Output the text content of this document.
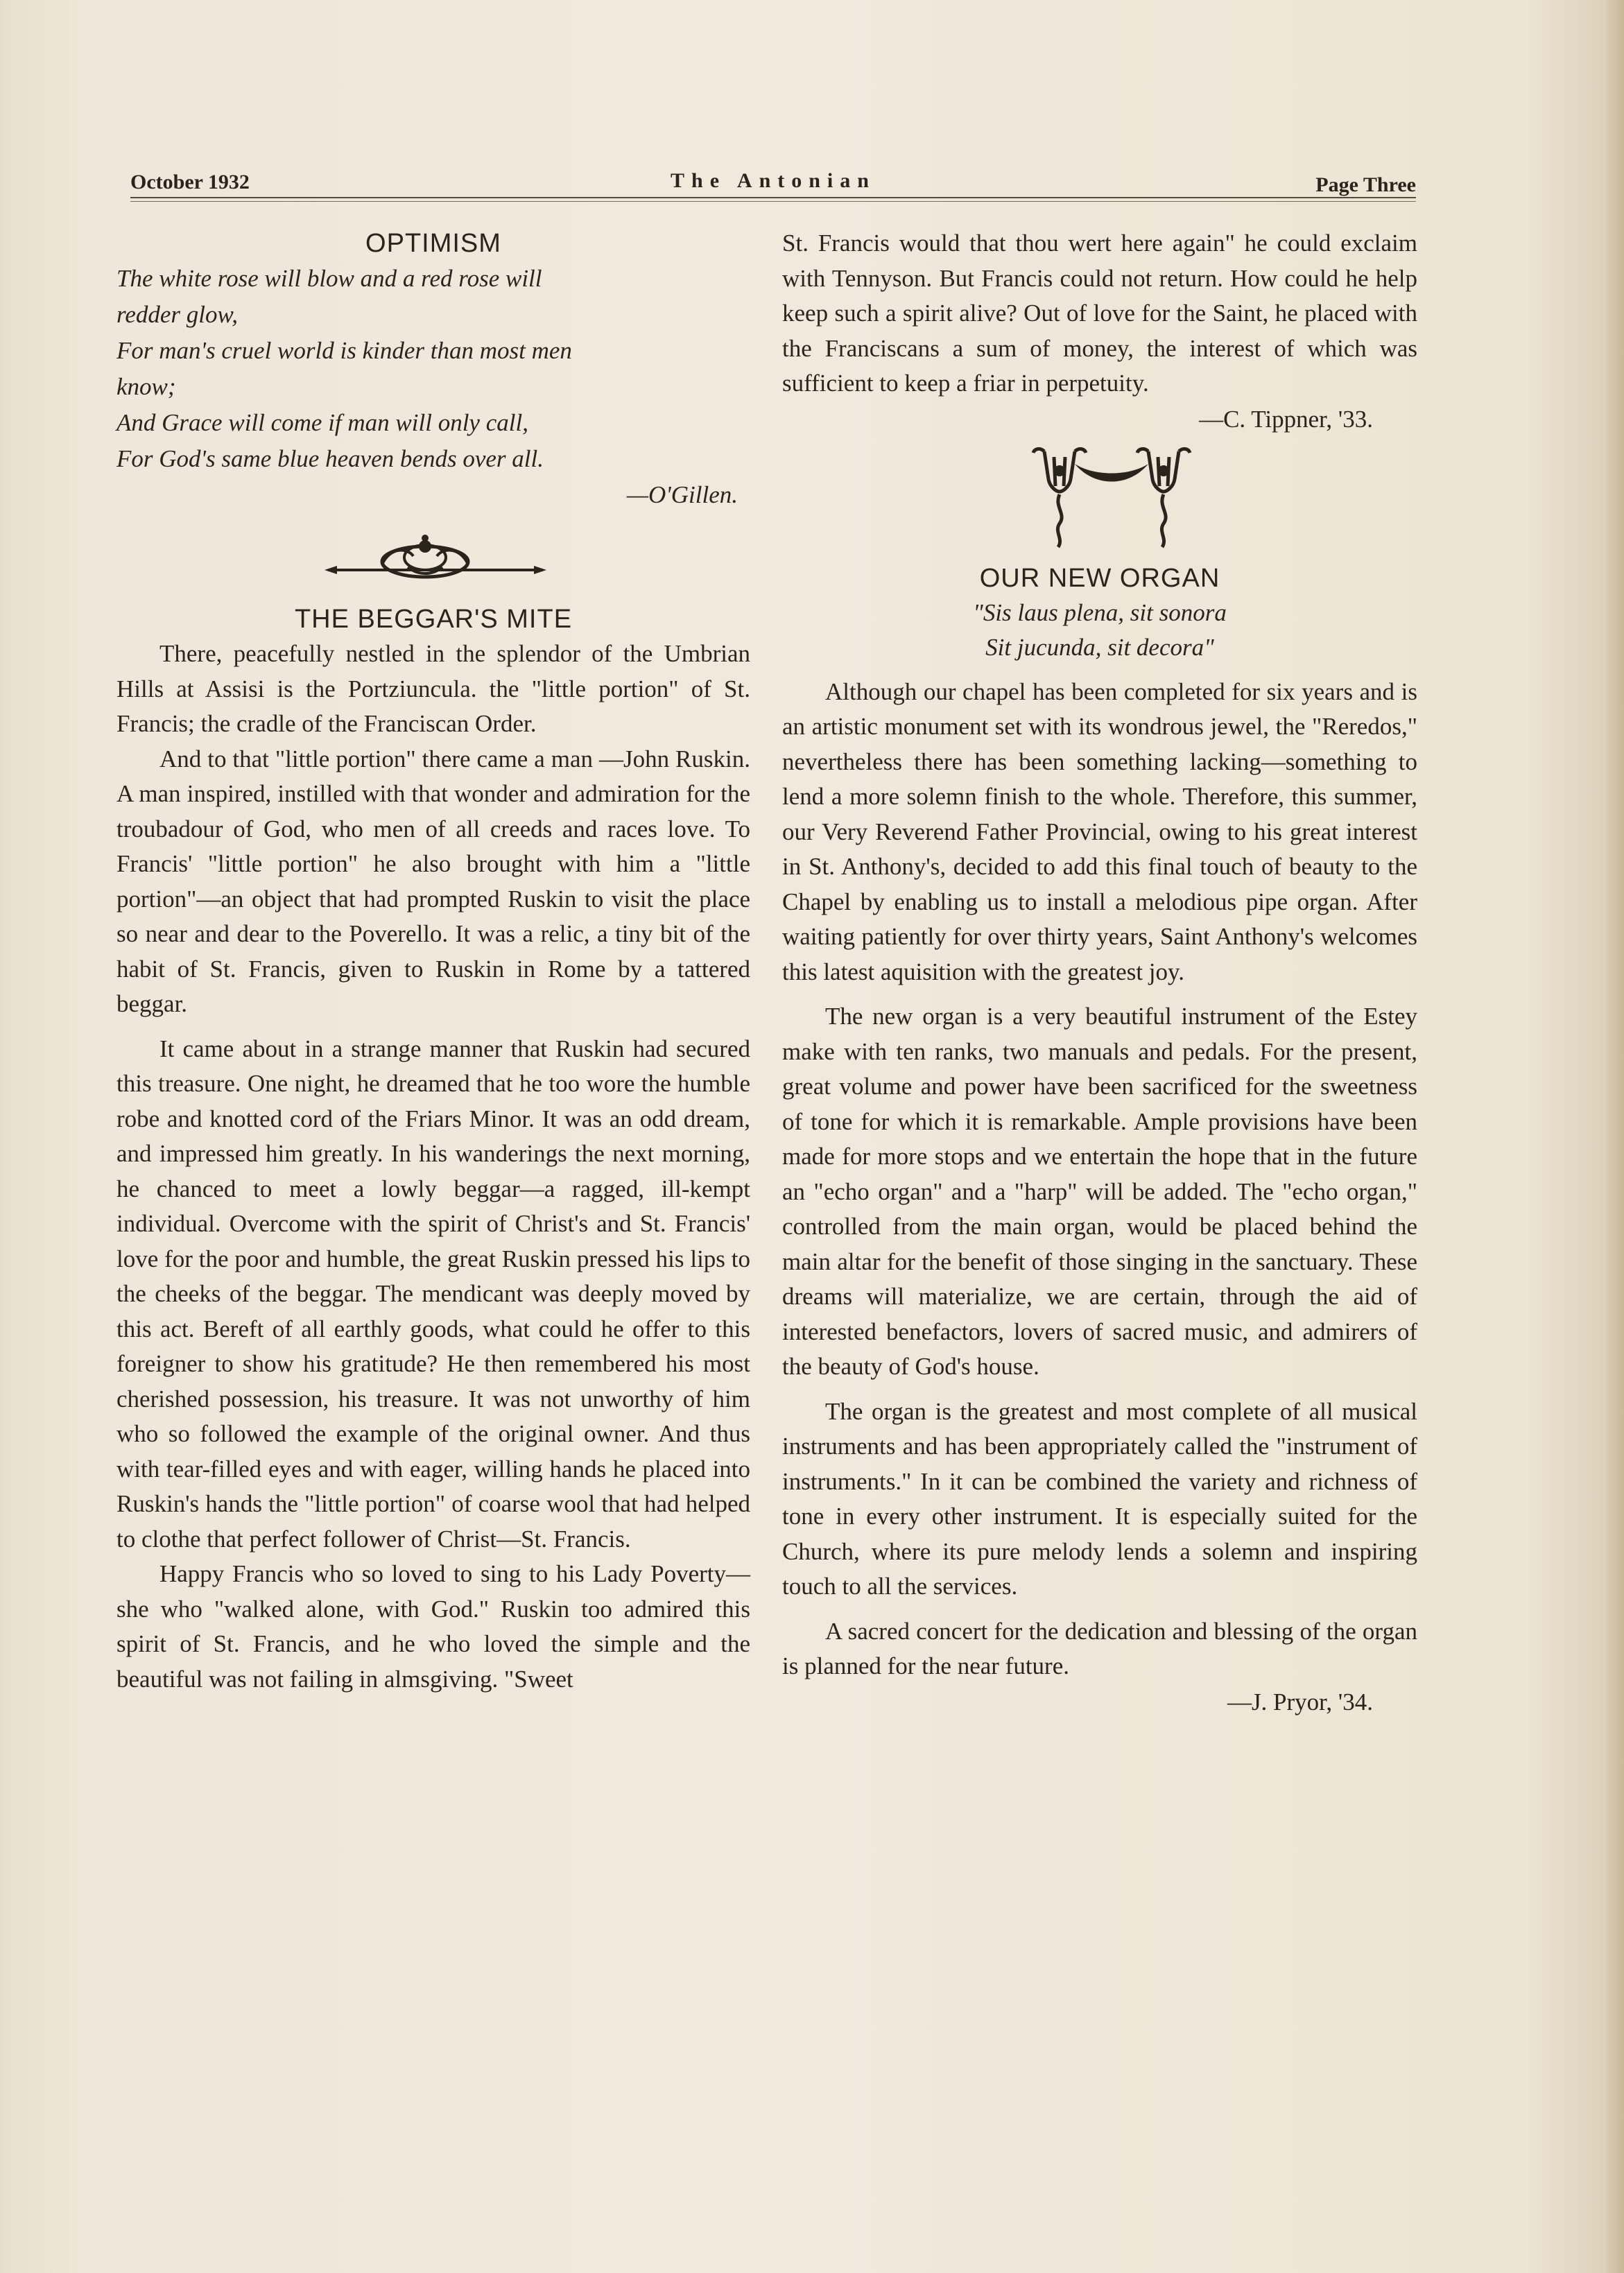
October 1932	The Antonian	Page Three
OPTIMISM

The white rose will blow and a red rose will

redder glow,

For man's cruel world is kinder than most men

know;

And Grace will come if man will only call,

For God's same blue heaven bends over all.

—O'Gillen.

THE BEGGAR'S MITE

There, peacefully nestled in the splendor of the Umbrian Hills at Assisi is the Portziuncula. the "little portion" of St. Francis; the cradle of the Franciscan Order.

And to that "little portion" there came a man —John Ruskin. A man inspired, instilled with that wonder and admiration for the troubadour of God, who men of all creeds and races love. To Francis' "little portion" he also brought with him a "little portion"—an object that had prompted Ruskin to visit the place so near and dear to the Poverello. It was a relic, a tiny bit of the habit of St. Francis, given to Ruskin in Rome by a tattered beggar.

It came about in a strange manner that Ruskin had secured this treasure. One night, he dreamed that he too wore the humble robe and knotted cord of the Friars Minor. It was an odd dream, and impressed him greatly. In his wanderings the next morning, he chanced to meet a lowly beggar—a ragged, ill-kempt individual. Overcome with the spirit of Christ's and St. Francis' love for the poor and humble, the great Ruskin pressed his lips to the cheeks of the beggar. The mendicant was deeply moved by this act. Bereft of all earthly goods, what could he offer to this foreigner to show his gratitude? He then remembered his most cherished possession, his treasure. It was not unworthy of him who so followed the example of the original owner. And thus with tear-filled eyes and with eager, willing hands he placed into Ruskin's hands the "little portion" of coarse wool that had helped to clothe that perfect follower of Christ—St. Francis.

Happy Francis who so loved to sing to his Lady Poverty—she who "walked alone, with God." Ruskin too admired this spirit of St. Francis, and he who loved the simple and the beautiful was not failing in almsgiving. "Sweet

St. Francis would that thou wert here again" he could exclaim with Tennyson. But Francis could not return. How could he help keep such a spirit alive? Out of love for the Saint, he placed with the Franciscans a sum of money, the interest of which was sufficient to keep a friar in perpetuity.

—C. Tippner, '33.

OUR NEW ORGAN

"Sis laus plena, sit sonora

Sit jucunda, sit decora"

Although our chapel has been completed for six years and is an artistic monument set with its wondrous jewel, the "Reredos," nevertheless there has been something lacking—something to lend a more solemn finish to the whole. Therefore, this summer, our Very Reverend Father Provincial, owing to his great interest in St. Anthony's, decided to add this final touch of beauty to the Chapel by enabling us to install a melodious pipe organ. After waiting patiently for over thirty years, Saint Anthony's welcomes this latest aquisition with the greatest joy.

The new organ is a very beautiful instrument of the Estey make with ten ranks, two manuals and pedals. For the present, great volume and power have been sacrificed for the sweetness of tone for which it is remarkable. Ample provisions have been made for more stops and we entertain the hope that in the future an "echo organ" and a "harp" will be added. The "echo organ," controlled from the main organ, would be placed behind the main altar for the benefit of those singing in the sanctuary. These dreams will materialize, we are certain, through the aid of interested benefactors, lovers of sacred music, and admirers of the beauty of God's house.

The organ is the greatest and most complete of all musical instruments and has been appropriately called the "instrument of instruments." In it can be combined the variety and richness of tone in every other instrument. It is especially suited for the Church, where its pure melody lends a solemn and inspiring touch to all the services.

A sacred concert for the dedication and blessing of the organ is planned for the near future.

—J. Pryor, '34.
